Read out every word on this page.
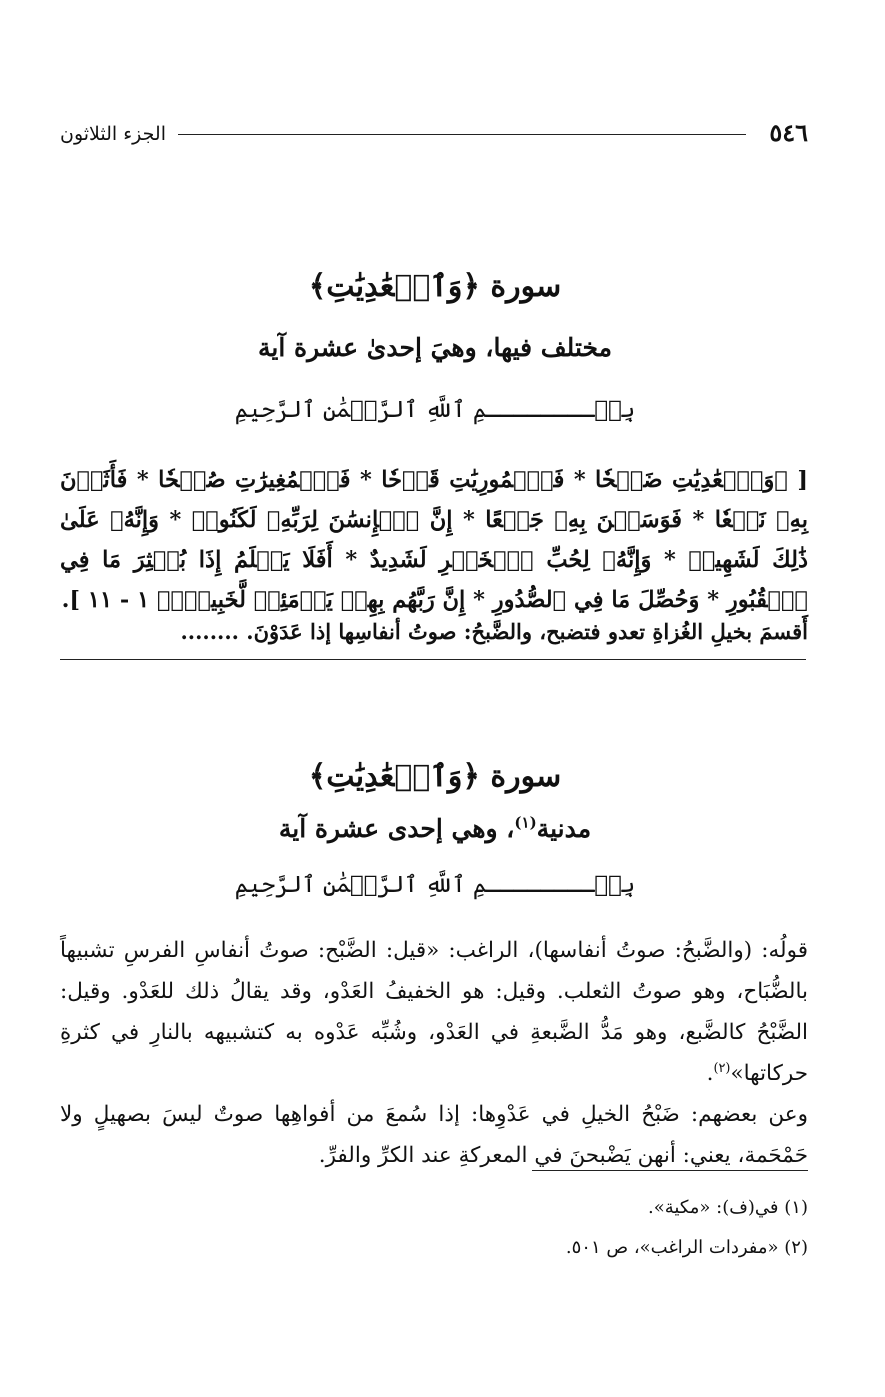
٥٤٦
الجزء الثلاثون
سورة ﴿وَٱلۡعَٰدِيَٰتِ﴾
مختلف فيها، وهيَ إحدىٰ عشرة آية
بِسۡــــــــمِ ٱللَّهِ ٱلرَّحۡمَٰنِ ٱلرَّحِيمِ

[ ﴿وَٱلۡعَٰدِيَٰتِ ضَبۡحٗا * فَٱلۡمُورِيَٰتِ قَدۡحٗا * فَٱلۡمُغِيرَٰتِ صُبۡحٗا * فَأَثَرۡنَ بِهِۦ نَقۡعٗا * فَوَسَطۡنَ بِهِۦ جَمۡعًا * إِنَّ ٱلۡإِنسَٰنَ لِرَبِّهِۦ لَكَنُودٞ * وَإِنَّهُۥ عَلَىٰ ذَٰلِكَ لَشَهِيدٞ * وَإِنَّهُۥ لِحُبِّ ٱلۡخَيۡرِ لَشَدِيدٌ * أَفَلَا يَعۡلَمُ إِذَا بُعۡثِرَ مَا فِي ٱلۡقُبُورِ * وَحُصِّلَ مَا فِي ٱلصُّدُورِ * إِنَّ رَبَّهُم بِهِمۡ يَوۡمَئِذٖ لَّخَبِيرُۢ﴾ ١ - ١١ ].

أَقسمَ بخيلِ الغُزاةِ تعدو فتضبح، والضَّبحُ: صوتُ أنفاسِها إذا عَدَوْنَ. ........
سورة ﴿وَٱلۡعَٰدِيَٰتِ﴾
مدنية$^{(١)}$، وهي إحدى عشرة آية
بِسۡــــــــمِ ٱللَّهِ ٱلرَّحۡمَٰنِ ٱلرَّحِيمِ

قولُه: (والضَّبحُ: صوتُ أنفاسها)، الراغب: «قيل: الضَّبْح: صوتُ أنفاسِ الفرسِ تشبيهاً بالضُّبَاح، وهو صوتُ الثعلب. وقيل: هو الخفيفُ العَدْو، وقد يقالُ ذلك للعَدْو. وقيل: الضَّبْحُ كالضَّبع، وهو مَدُّ الضَّبعةِ في العَدْو، وشُبِّه عَدْوه به كتشبيهه بالنارِ في كثرةِ حركاتها»$^{(٢)}$.

وعن بعضهم: ضَبْحُ الخيلِ في عَدْوِها: إذا سُمعَ من أفواهِها صوتٌ ليسَ بصهيلٍ ولا حَمْحَمة، يعني: أنهن يَضْبحنَ في المعركةِ عند الكرِّ والفرِّ.

(١) في(ف): «مكية».
(٢) «مفردات الراغب»، ص ٥٠١.
